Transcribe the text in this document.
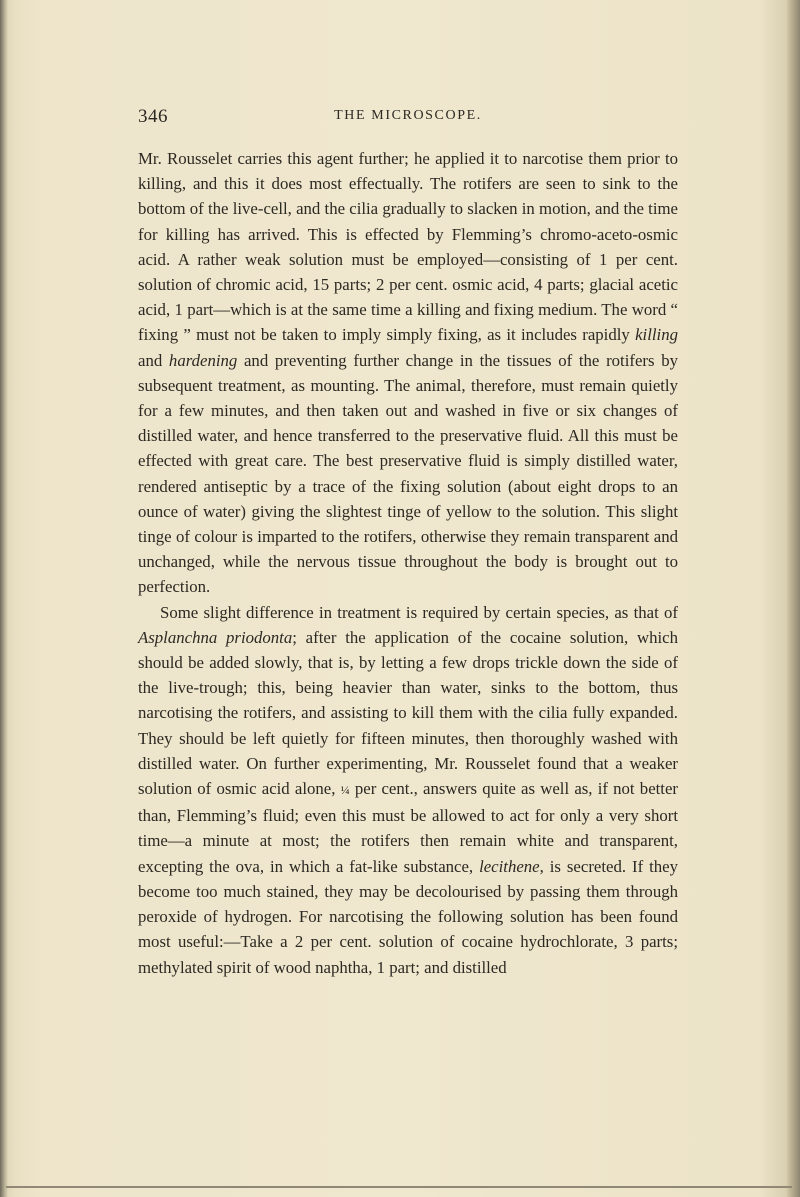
346	THE MICROSCOPE.

Mr. Rousselet carries this agent further; he applied it to narcotise them prior to killing, and this it does most effectually. The rotifers are seen to sink to the bottom of the live-cell, and the cilia gradually to slacken in motion, and the time for killing has arrived. This is effected by Flemming’s chromo-aceto-osmic acid. A rather weak solution must be employed—consisting of 1 per cent. solution of chromic acid, 15 parts; 2 per cent. osmic acid, 4 parts; glacial acetic acid, 1 part—which is at the same time a killing and fixing medium. The word “ fixing ” must not be taken to imply simply fixing, as it includes rapidly killing and hardening and preventing further change in the tissues of the rotifers by subsequent treatment, as mounting. The animal, therefore, must remain quietly for a few minutes, and then taken out and washed in five or six changes of distilled water, and hence transferred to the preservative fluid. All this must be effected with great care. The best preservative fluid is simply distilled water, rendered antiseptic by a trace of the fixing solution (about eight drops to an ounce of water) giving the slightest tinge of yellow to the solution. This slight tinge of colour is imparted to the rotifers, otherwise they remain transparent and unchanged, while the nervous tissue throughout the body is brought out to perfection.

Some slight difference in treatment is required by certain species, as that of Asplanchna priodonta; after the application of the cocaine solution, which should be added slowly, that is, by letting a few drops trickle down the side of the live-trough; this, being heavier than water, sinks to the bottom, thus narcotising the rotifers, and assisting to kill them with the cilia fully expanded. They should be left quietly for fifteen minutes, then thoroughly washed with distilled water. On further experimenting, Mr. Rousselet found that a weaker solution of osmic acid alone, ¼ per cent., answers quite as well as, if not better than, Flemming’s fluid; even this must be allowed to act for only a very short time—a minute at most; the rotifers then remain white and transparent, excepting the ova, in which a fat-like substance, lecithene, is secreted. If they become too much stained, they may be decolourised by passing them through peroxide of hydrogen. For narcotising the following solution has been found most useful:—Take a 2 per cent. solution of cocaine hydrochlorate, 3 parts; methylated spirit of wood naphtha, 1 part; and distilled
